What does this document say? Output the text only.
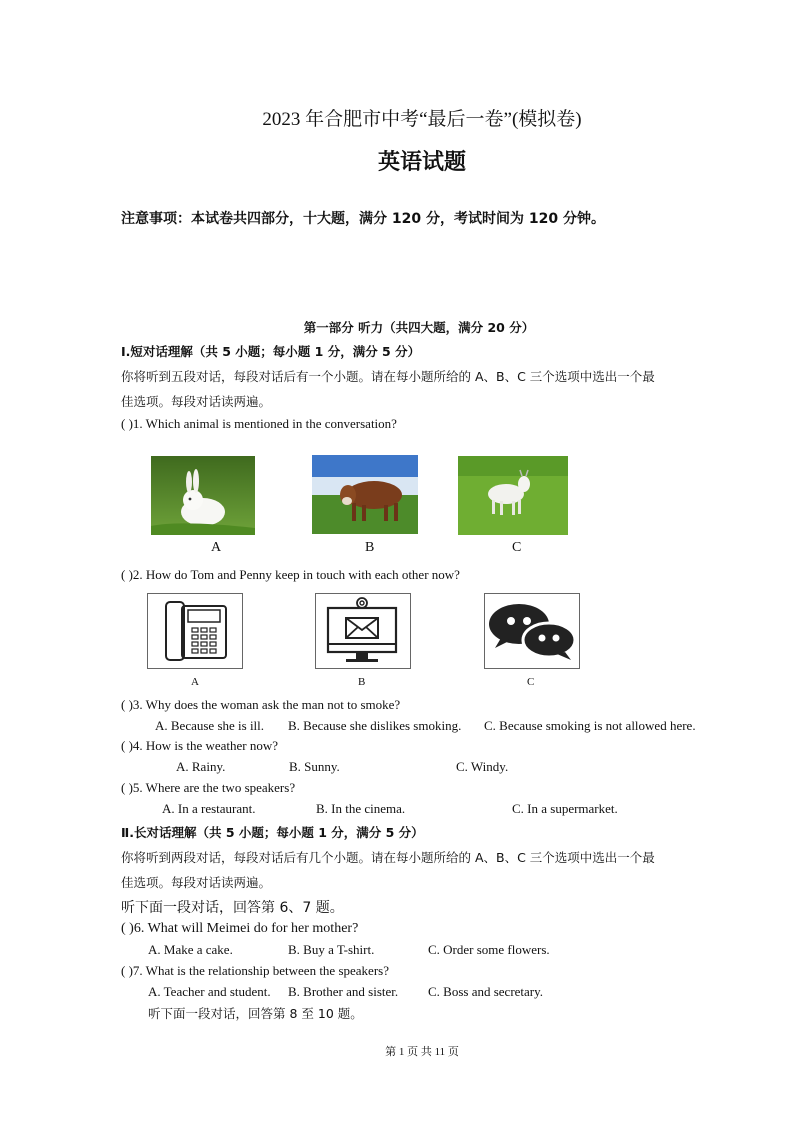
2023 年合肥市中考“最后一卷”(模拟卷)
英语试题
注意事项：本试卷共四部分，十大题，满分 120 分，考试时间为 120 分钟。
第一部分 听力（共四大题，满分 20 分）
Ⅰ.短对话理解（共 5 小题；每小题 1 分，满分 5 分）
你将听到五段对话，每段对话后有一个小题。请在每小题所给的 A、B、C 三个选项中选出一个最
佳选项。每段对话读两遍。
( )1. Which animal is mentioned in the conversation?
A	B	C
( )2. How do Tom and Penny keep in touch with each other now?
A	B	C
( )3. Why does the woman ask the man not to smoke?
A. Because she is ill. B. Because she dislikes smoking. C. Because smoking is not allowed here.
( )4. How is the weather now?
A. Rainy.	B. Sunny.	C. Windy.
( )5. Where are the two speakers?
A. In a restaurant.	B. In the cinema.	C. In a supermarket.
Ⅱ.长对话理解（共 5 小题；每小题 1 分，满分 5 分）
你将听到两段对话，每段对话后有几个小题。请在每小题所给的 A、B、C 三个选项中选出一个最
佳选项。每段对话读两遍。
听下面一段对话，回答第 6、7 题。
( )6. What will Meimei do for her mother?
A. Make a cake.	B. Buy a T-shirt.	C. Order some flowers.
( )7. What is the relationship between the speakers?
A. Teacher and student. B. Brother and sister. C. Boss and secretary.
听下面一段对话，回答第 8 至 10 题。
第 1 页 共 11 页
